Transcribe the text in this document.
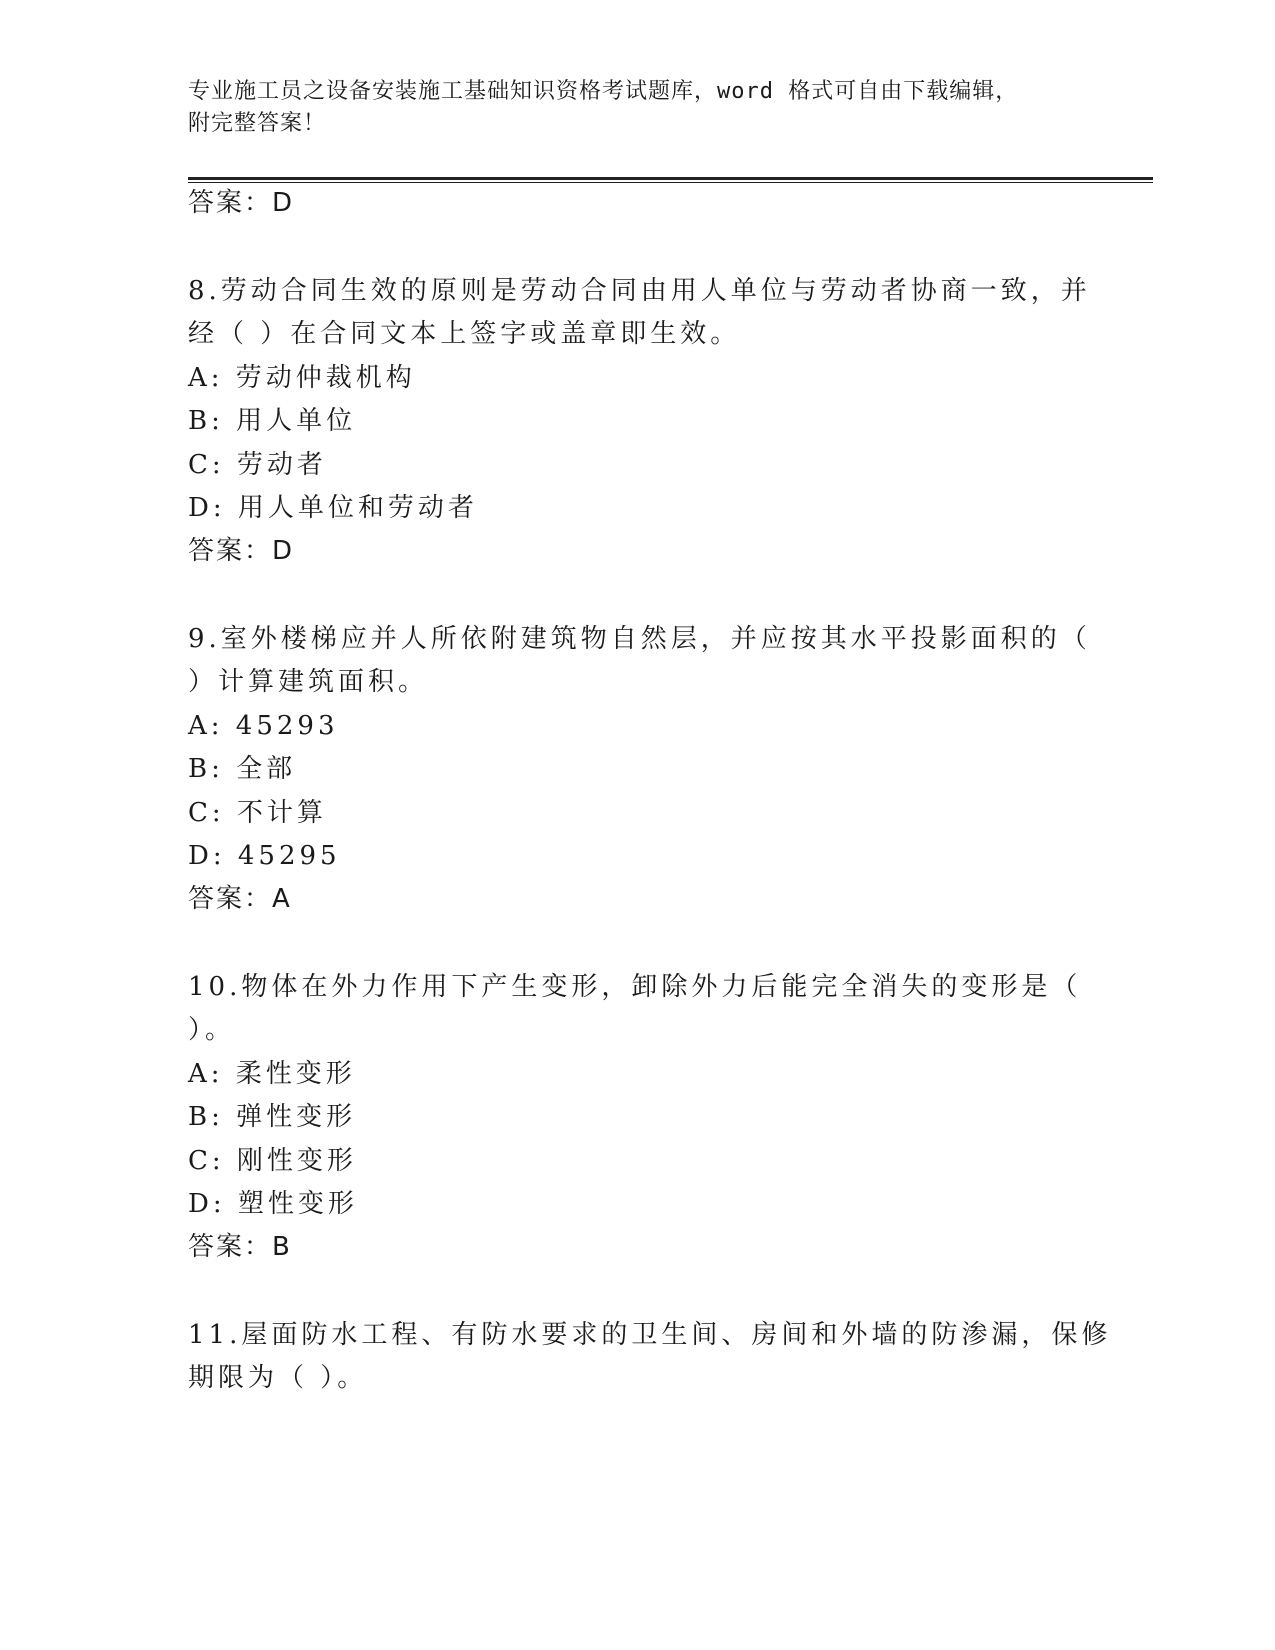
专业施工员之设备安装施工基础知识资格考试题库，word 格式可自由下载编辑，
附完整答案！
答案：D
8.劳动合同生效的原则是劳动合同由用人单位与劳动者协商一致，并
经（ ）在合同文本上签字或盖章即生效。
A: 劳动仲裁机构
B: 用人单位
C: 劳动者
D: 用人单位和劳动者
答案：D
9.室外楼梯应并人所依附建筑物自然层，并应按其水平投影面积的（
）计算建筑面积。
A: 45293
B: 全部
C: 不计算
D: 45295
答案：A
10.物体在外力作用下产生变形，卸除外力后能完全消失的变形是（
）。
A: 柔性变形
B: 弹性变形
C: 刚性变形
D: 塑性变形
答案：B
11.屋面防水工程、有防水要求的卫生间、房间和外墙的防渗漏，保修
期限为（ ）。
